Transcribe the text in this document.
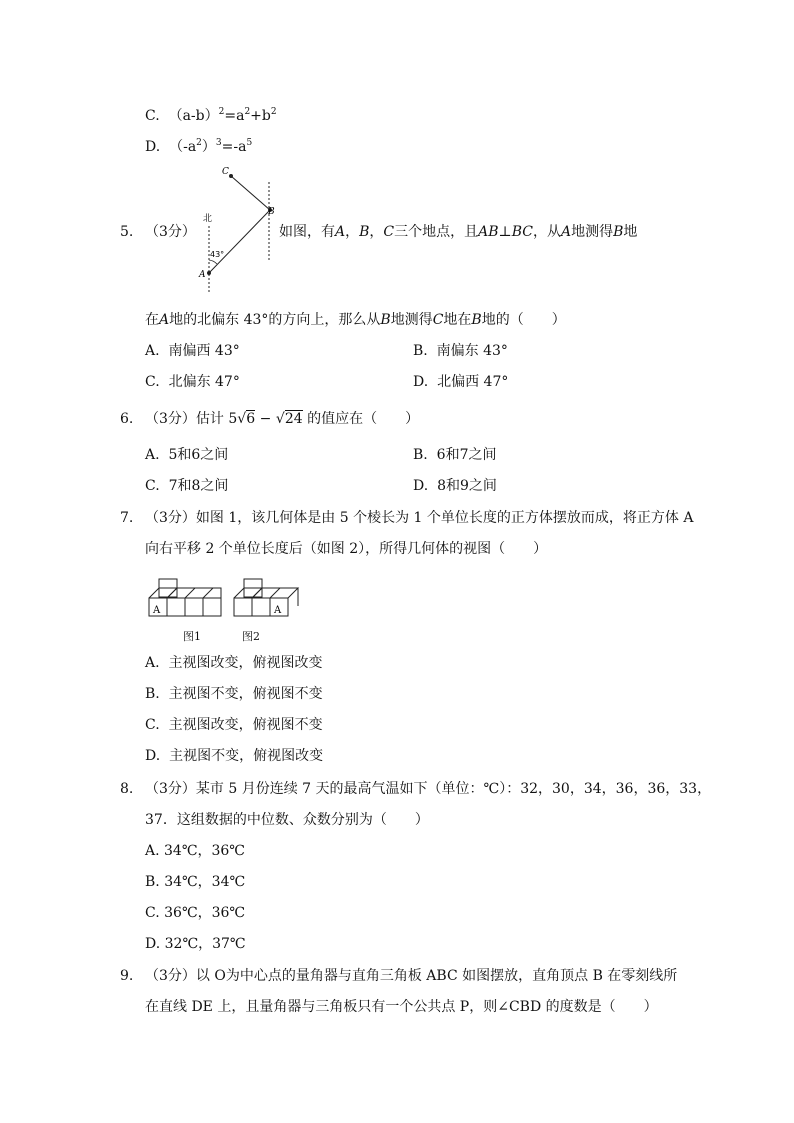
C. $(a-b)^2=a^2+b^2$
D. $(-a^2)^3=-a^5$
5. （3分）
北
43°
A
B
C
如图，有A，B，C三个地点，且AB⊥BC，从A地测得B地
在A地的北偏东 43°的方向上，那么从B地测得C地在B地的（　　）
A. 南偏西 43°	B. 南偏东 43°
C. 北偏东 47°	D. 北偏西 47°
6. （3分）估计 5 √ 6 − √ 24 的值应在（　　）
A. 5和6之间	B. 6和7之间
C. 7和8之间	D. 8和9之间
7. （3分）如图 1，该几何体是由 5 个棱长为 1 个单位长度的正方体摆放而成，将正方体 A
向右平移 2 个单位长度后（如图 2），所得几何体的视图（　　）
A	A
图1	图2
A. 主视图改变，俯视图改变
B. 主视图不变，俯视图不变
C. 主视图改变，俯视图不变
D. 主视图不变，俯视图改变
8. （3分）某市 5 月份连续 7 天的最高气温如下（单位：℃）：32，30，34，36，36，33，
37．这组数据的中位数、众数分别为（　　）
A. 34℃，36℃
B. 34℃，34℃
C. 36℃，36℃
D. 32℃，37℃
9. （3分）以 O为中心点的量角器与直角三角板 ABC 如图摆放，直角顶点 B 在零刻线所
在直线 DE 上，且量角器与三角板只有一个公共点 P，则∠CBD 的度数是（　　）
